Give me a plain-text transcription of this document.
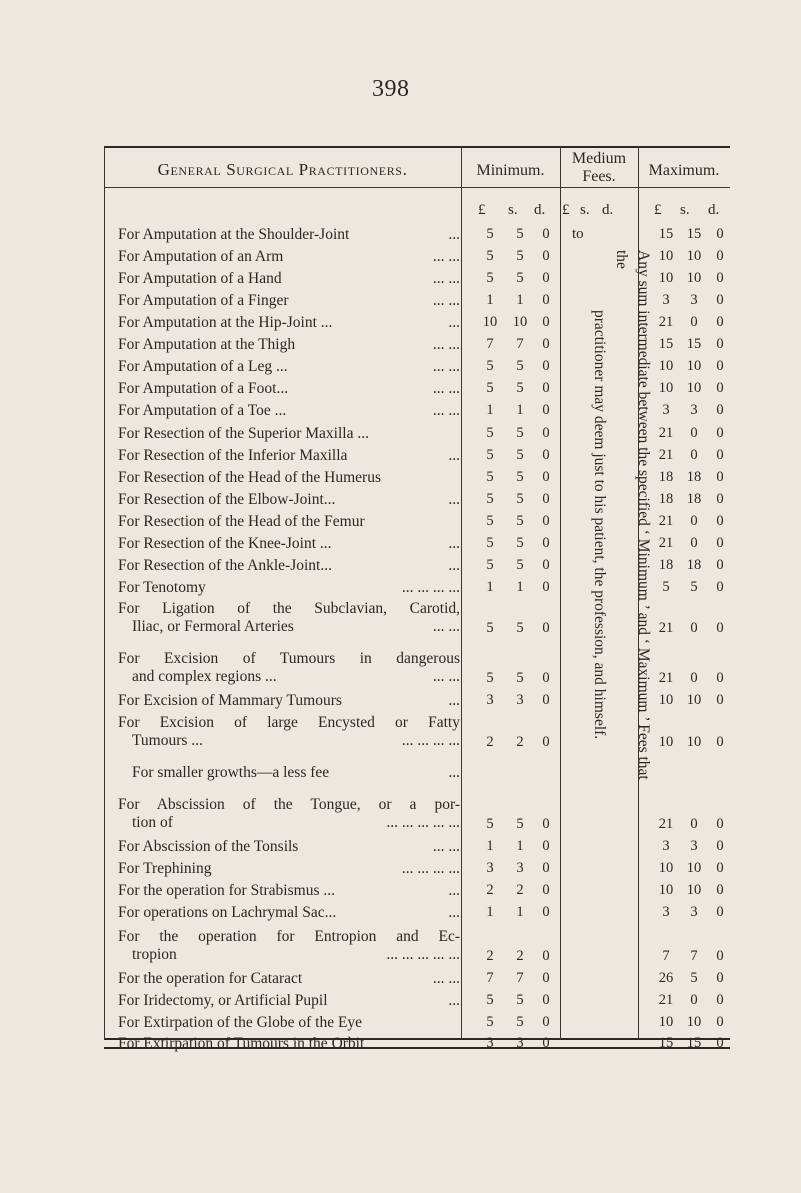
398
General Surgical Practitioners.	Minimum.
Medium
Fees.	Maximum.
£ s. d. £ s. d.	£ s. d.
to
Any sum intermediate between the specified ‘ Minimum ’ and ‘ Maximum ’ Fees that the
practitioner may deem just to his patient, the profession, and himself.
For Amputation at the Shoulder-Joint	...	5	5	0	15 15	0
For Amputation of an Arm	... ...	5	5	0	10 10	0
For Amputation of a Hand	... ...	5	5	0	10 10	0
For Amputation of a Finger	... ...	1	1	0	3	3	0
For Amputation at the Hip-Joint ...	...	10	10	0	21	0	0
For Amputation at the Thigh	... ...	7	7	0	15 15	0
For Amputation of a Leg ...	... ...	5	5	0	10 10	0
For Amputation of a Foot...	... ...	5	5	0	10 10	0
For Amputation of a Toe ...	... ...	1	1	0	3	3	0
For Resection of the Superior Maxilla ...	5	5	0	21	0	0
For Resection of the Inferior Maxilla	...	5	5	0	21	0	0
For Resection of the Head of the Humerus	5	5	0	18 18	0
For Resection of the Elbow-Joint...	...	5	5	0	18 18	0
For Resection of the Head of the Femur	5	5	0	21	0	0
For Resection of the Knee-Joint ...	...	5	5	0	21	0	0
For Resection of the Ankle-Joint...	...	5	5	0	18 18	0
For Tenotomy	... ... ... ...	1	1	0	5	5	0
For Ligation of the Subclavian, Carotid,
Iliac, or Fermoral Arteries	... ...	5	5	0	21	0	0
For Excision of Tumours in dangerous
and complex regions ...	... ...	5	5	0	21	0	0
For Excision of Mammary Tumours	...	3	3	0	10 10	0
For Excision of large Encysted or Fatty
Tumours ...	... ... ... ...	2	2	0	10 10	0
For smaller growths—a less fee	...
For Abscission of the Tongue, or a por-
tion of	... ... ... ... ...	5	5	0	21	0	0
For Abscission of the Tonsils	... ...	1	1	0	3	3	0
For Trephining	... ... ... ...	3	3	0	10 10	0
For the operation for Strabismus ...	...	2	2	0	10 10	0
For operations on Lachrymal Sac...	...	1	1	0	3	3	0
For the operation for Entropion and Ec-
tropion	... ... ... ... ...	2	2	0	7	7	0
For the operation for Cataract	... ...	7	7	0	26	5	0
For Iridectomy, or Artificial Pupil	...	5	5	0	21	0	0
For Extirpation of the Globe of the Eye	5	5	0	10 10	0
For Extirpation of Tumours in the Orbit	3	3	0	15 15	0
